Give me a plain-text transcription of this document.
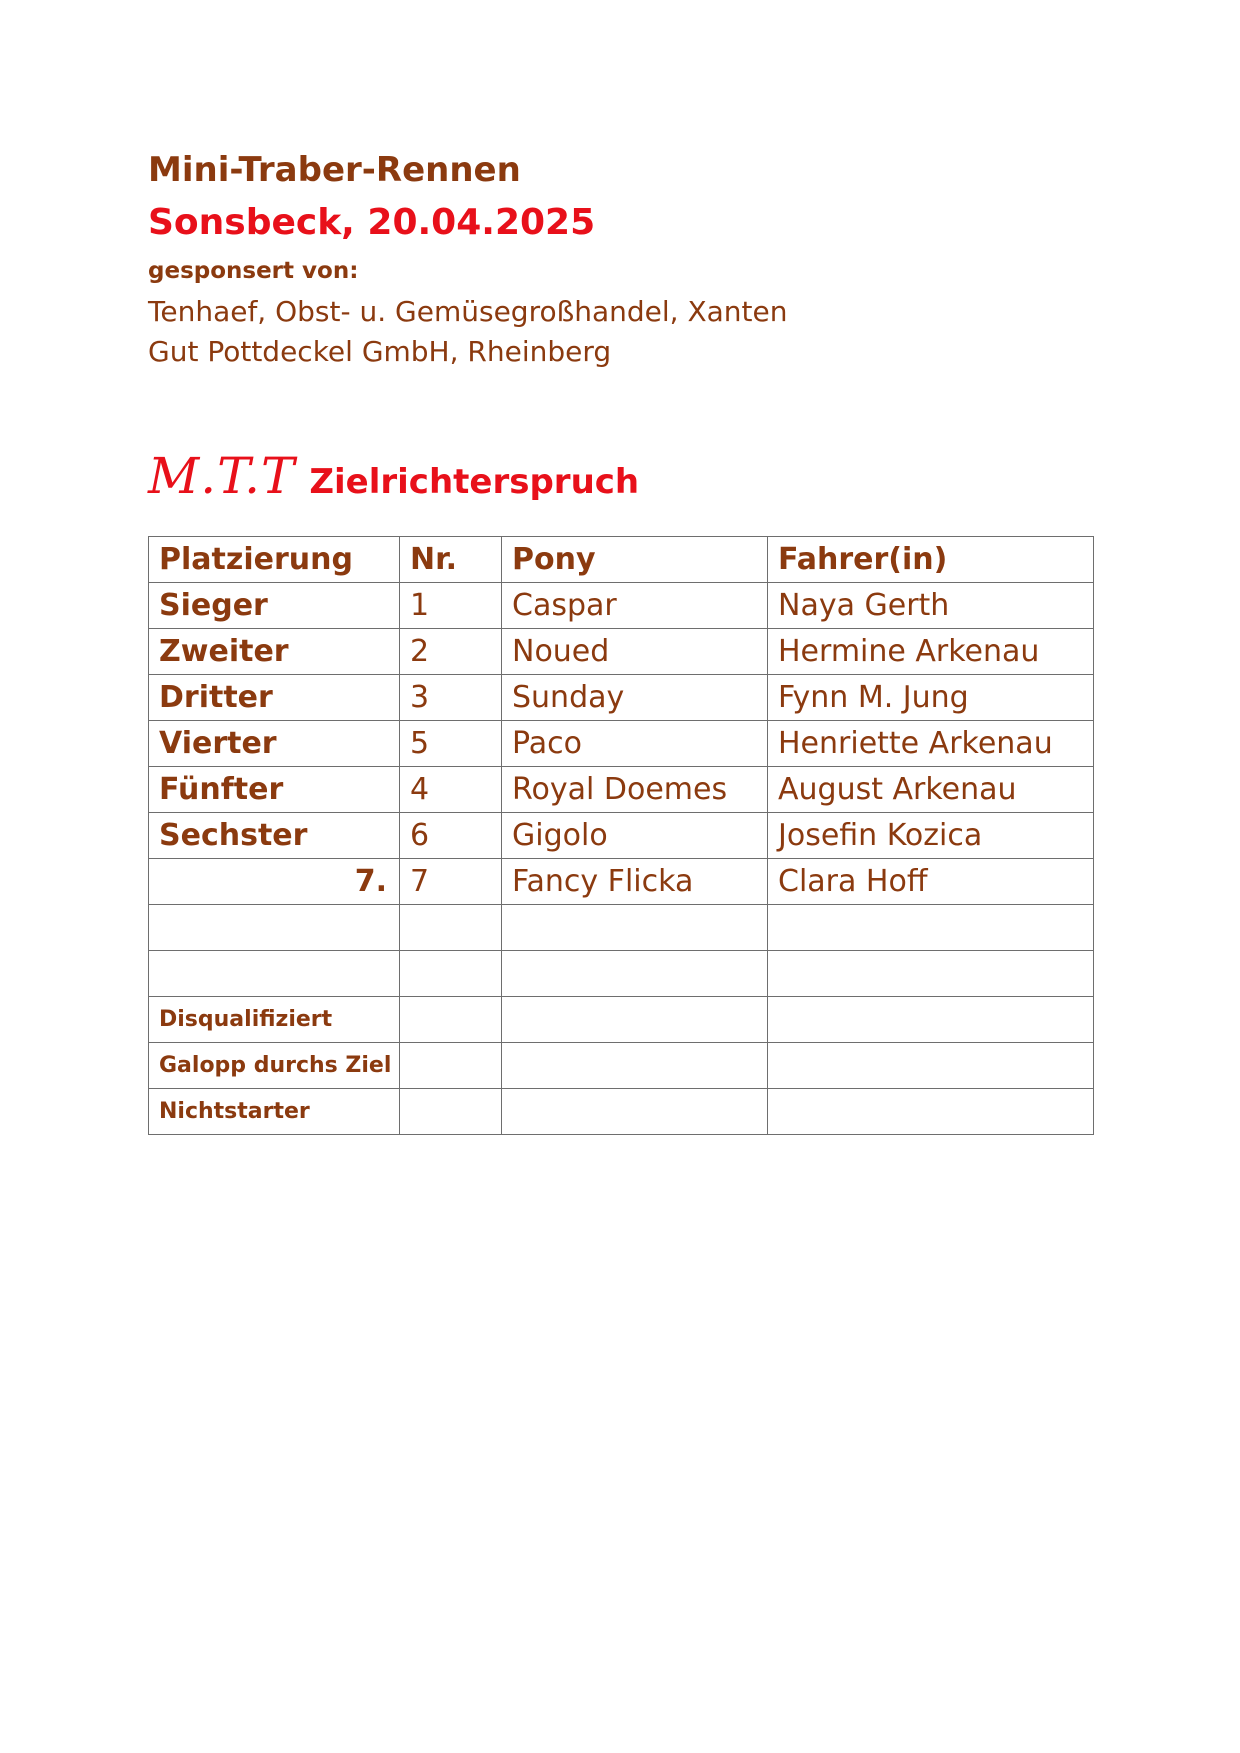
Mini-Traber-Rennen
Sonsbeck, 20.04.2025
gesponsert von:
Tenhaef, Obst- u. Gemüsegroßhandel, Xanten
Gut Pottdeckel GmbH, Rheinberg
M.T.T Zielrichterspruch
Platzierung	Nr.	Pony	Fahrer(in)
Sieger	1	Caspar	Naya Gerth
Zweiter	2	Noued	Hermine Arkenau
Dritter	3	Sunday	Fynn M. Jung
Vierter	5	Paco	Henriette Arkenau
Fünfter	4	Royal Doemes	August Arkenau
Sechster	6	Gigolo	Josefin Kozica
7.	7	Fancy Flicka	Clara Hoff

Disqualifiziert			
Galopp durchs Ziel			
Nichtstarter			
